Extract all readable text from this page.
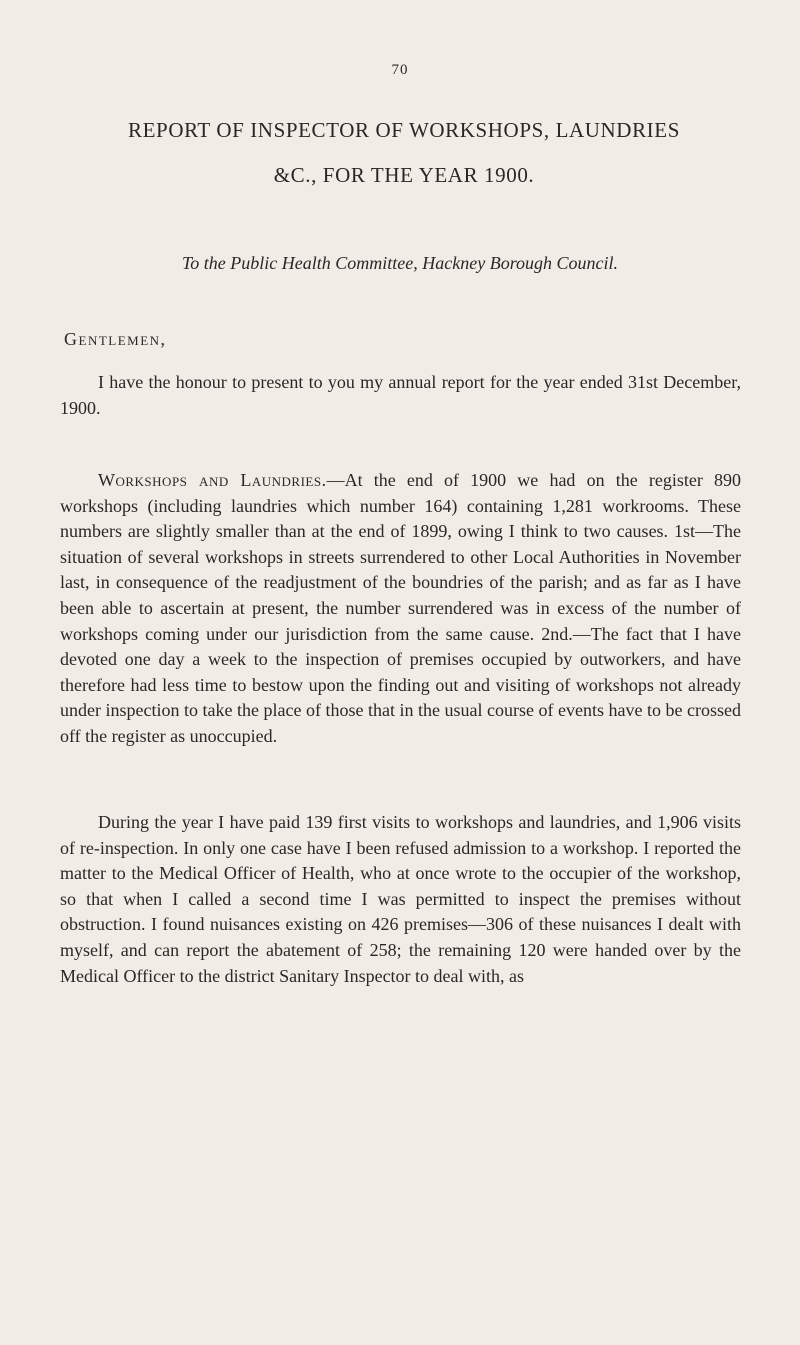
70
REPORT OF INSPECTOR OF WORKSHOPS, LAUNDRIES
&C., FOR THE YEAR 1900.
To the Public Health Committee, Hackney Borough Council.
Gentlemen,

I have the honour to present to you my annual report for the year ended 31st December, 1900.

Workshops and Laundries.—At the end of 1900 we had on the register 890 workshops (including laundries which number 164) containing 1,281 workrooms. These numbers are slightly smaller than at the end of 1899, owing I think to two causes. 1st—The situation of several workshops in streets surrendered to other Local Authorities in November last, in consequence of the readjustment of the boundries of the parish; and as far as I have been able to ascertain at present, the number surrendered was in excess of the number of workshops coming under our jurisdiction from the same cause. 2nd.—The fact that I have devoted one day a week to the inspection of premises occupied by outworkers, and have therefore had less time to bestow upon the finding out and visiting of workshops not already under inspection to take the place of those that in the usual course of events have to be crossed off the register as unoccupied.

During the year I have paid 139 first visits to workshops and laundries, and 1,906 visits of re-inspection. In only one case have I been refused admission to a workshop. I reported the matter to the Medical Officer of Health, who at once wrote to the occupier of the workshop, so that when I called a second time I was permitted to inspect the premises without obstruction. I found nuisances existing on 426 premises—306 of these nuisances I dealt with myself, and can report the abatement of 258; the remaining 120 were handed over by the Medical Officer to the district Sanitary Inspector to deal with, as
